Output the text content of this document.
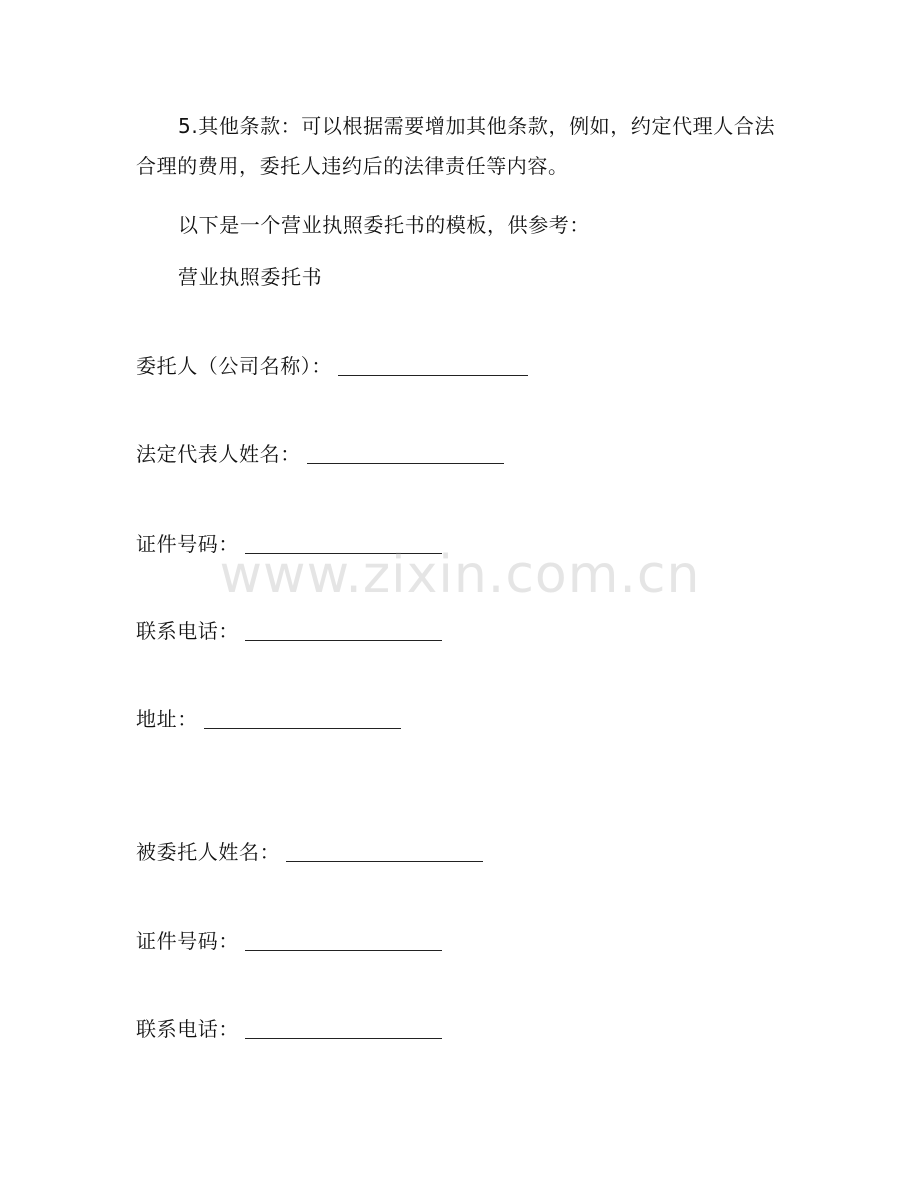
5.其他条款：可以根据需要增加其他条款，例如，约定代理人合法合理的费用，委托人违约后的法律责任等内容。

以下是一个营业执照委托书的模板，供参考：

营业执照委托书

委托人（公司名称）：
法定代表人姓名：
证件号码：
联系电话：
地址：
被委托人姓名：
证件号码：
联系电话：
www.zixin.com.cn
